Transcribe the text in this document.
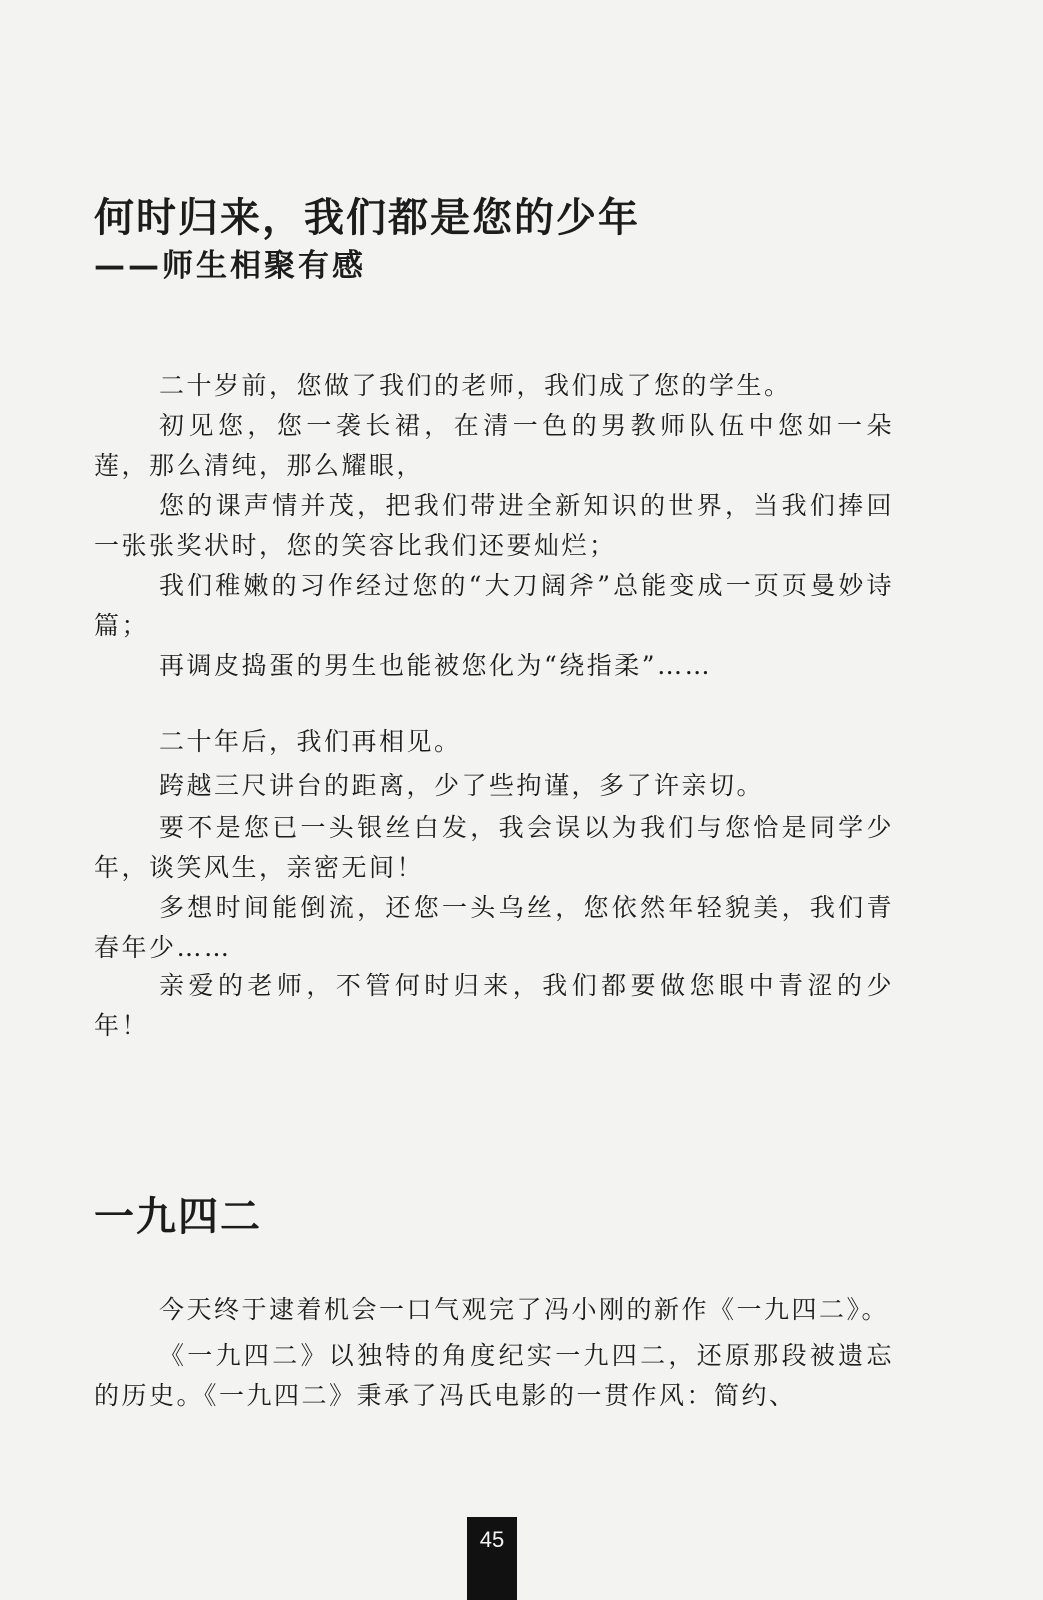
何时归来，我们都是您的少年
——师生相聚有感

二十岁前，您做了我们的老师，我们成了您的学生。

初见您，您一袭长裙，在清一色的男教师队伍中您如一朵莲，那么清纯，那么耀眼，

您的课声情并茂，把我们带进全新知识的世界，当我们捧回一张张奖状时，您的笑容比我们还要灿烂；

我们稚嫩的习作经过您的“大刀阔斧”总能变成一页页曼妙诗篇；

再调皮捣蛋的男生也能被您化为“绕指柔”……

二十年后，我们再相见。

跨越三尺讲台的距离，少了些拘谨，多了许亲切。

要不是您已一头银丝白发，我会误以为我们与您恰是同学少年，谈笑风生，亲密无间！

多想时间能倒流，还您一头乌丝，您依然年轻貌美，我们青春年少……

亲爱的老师，不管何时归来，我们都要做您眼中青涩的少年！

一九四二

今天终于逮着机会一口气观完了冯小刚的新作《一九四二》。

《一九四二》以独特的角度纪实一九四二，还原那段被遗忘的历史。《一九四二》秉承了冯氏电影的一贯作风：简约、

45
